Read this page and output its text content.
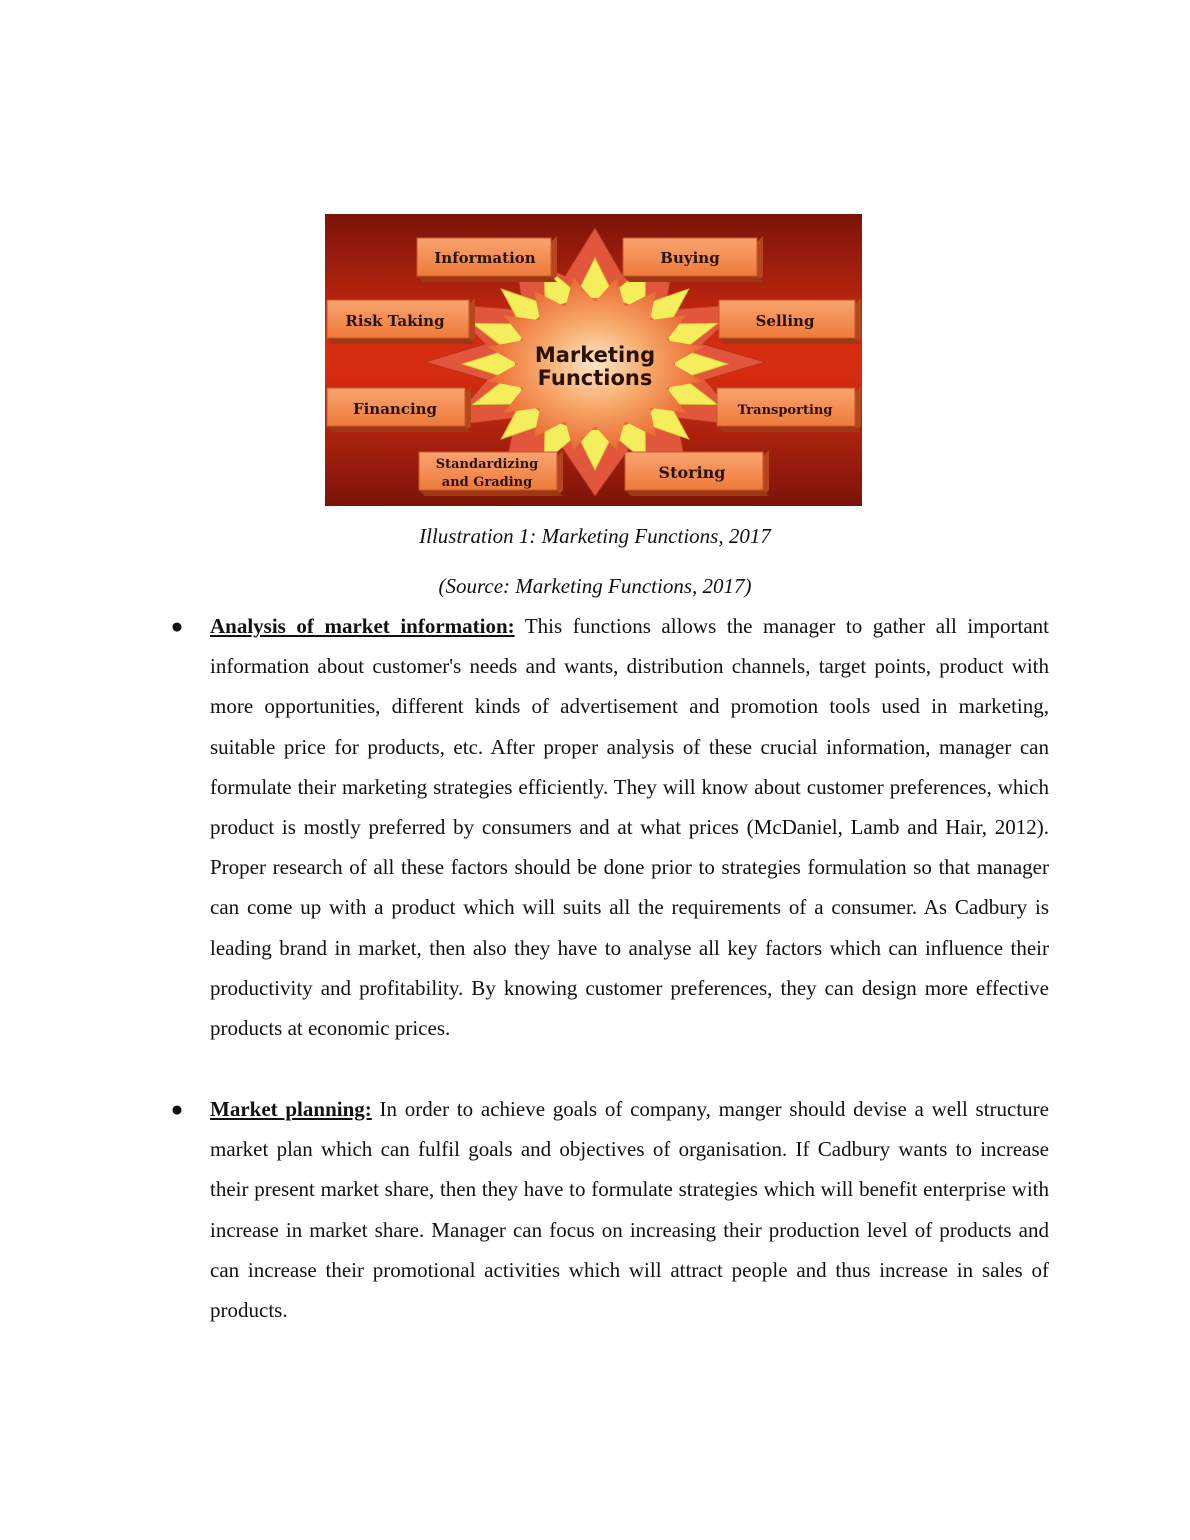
Information	Buying
Risk Taking	Selling
Financing	Transporting
Standardizing
and Grading
Storing
Marketing
Functions
Illustration 1: Marketing Functions, 2017
(Source: Marketing Functions, 2017)
● Analysis of market information: This functions allows the manager to gather all important information about customer's needs and wants, distribution channels, target points, product with more opportunities, different kinds of advertisement and promotion tools used in marketing, suitable price for products, etc. After proper analysis of these crucial information, manager can formulate their marketing strategies efficiently. They will know about customer preferences, which product is mostly preferred by consumers and at what prices (McDaniel, Lamb and Hair, 2012). Proper research of all these factors should be done prior to strategies formulation so that manager can come up with a product which will suits all the requirements of a consumer. As Cadbury is leading brand in market, then also they have to analyse all key factors which can influence their productivity and profitability. By knowing customer preferences, they can design more effective products at economic prices.
● Market planning: In order to achieve goals of company, manger should devise a well structure market plan which can fulfil goals and objectives of organisation. If Cadbury wants to increase their present market share, then they have to formulate strategies which will benefit enterprise with increase in market share. Manager can focus on increasing their production level of products and can increase their promotional activities which will attract people and thus increase in sales of products.
